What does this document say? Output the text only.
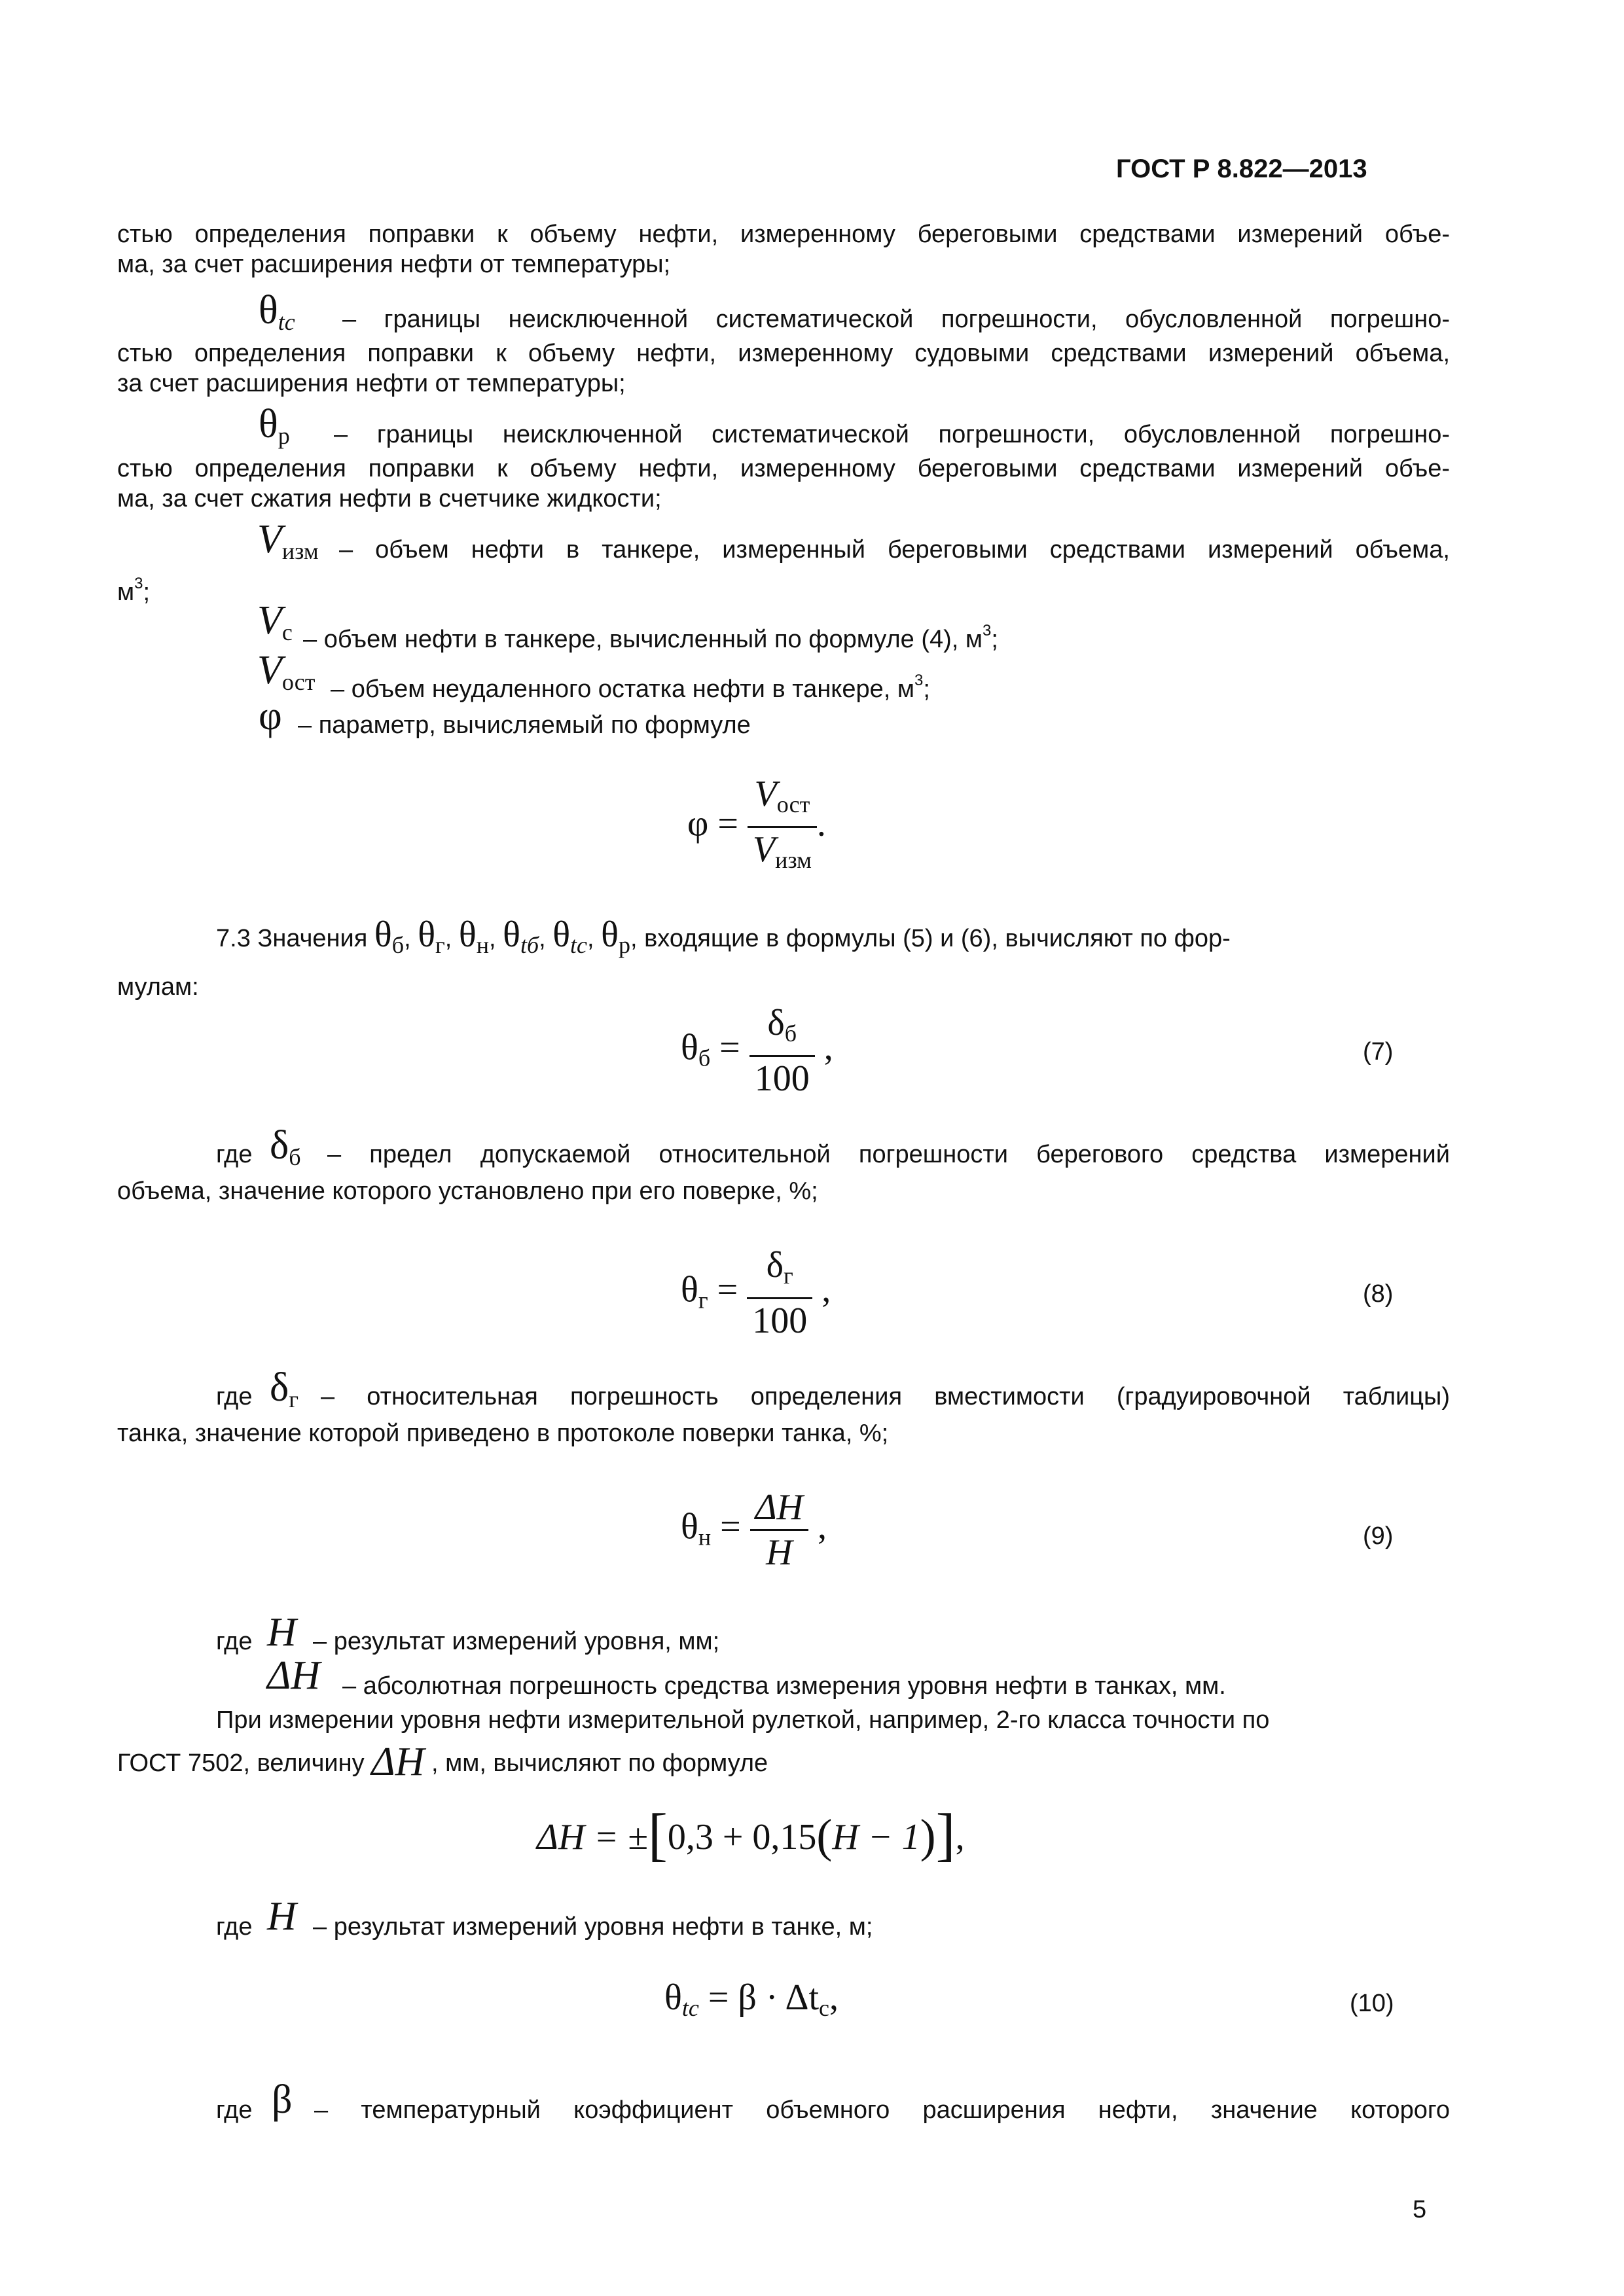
ГОСТ Р 8.822—2013
стью определения поправки к объему нефти, измеренному береговыми средствами измерений объе-
ма, за счет расширения нефти от температуры;
θtc – границы неисключенной систематической погрешности, обусловленной погрешно-
стью определения поправки к объему нефти, измеренному судовыми средствами измерений объема,
за счет расширения нефти от температуры;
θр – границы неисключенной систематической погрешности, обусловленной погрешно-
стью определения поправки к объему нефти, измеренному береговыми средствами измерений объе-
ма, за счет сжатия нефти в счетчике жидкости;
Vизм – объем нефти в танкере, измеренный береговыми средствами измерений объема,
$м^3$;
Vс – объем нефти в танкере, вычисленный по формуле (4), $м^3$;
Vост – объем неудаленного остатка нефти в танкере, $м^3$;
φ – параметр, вычисляемый по формуле
$\varphi = \frac{V_{ост}}{V_{изм}}$ .
7.3 Значения θб, θг, θн, θtб, θtc, θр, входящие в формулы (5) и (6), вычисляют по фор-
мулам:
$\theta_б = \frac{\delta_б}{100}$ ,	(7)
где δб – предел допускаемой относительной погрешности берегового средства измерений
объема, значение которого установлено при его поверке, %;
$\theta_г = \frac{\delta_г}{100}$ ,	(8)
где δг – относительная погрешность определения вместимости (градуировочной таблицы)
танка, значение которой приведено в протоколе поверки танка, %;
$\theta_н = \frac{\Delta H}{H}$ ,	(9)
где H – результат измерений уровня, мм;
ΔH – абсолютная погрешность средства измерения уровня нефти в танках, мм.
При измерении уровня нефти измерительной рулеткой, например, 2-го класса точности по
ГОСТ 7502, величину ΔH , мм, вычисляют по формуле
ΔH = ±[0,3 + 0,15(H − 1)],
где H – результат измерений уровня нефти в танке, м;
$\theta_{tc} = \beta \cdot \Delta t_с$,	(10)
где β – температурный коэффициент объемного расширения нефти, значение которого
5
